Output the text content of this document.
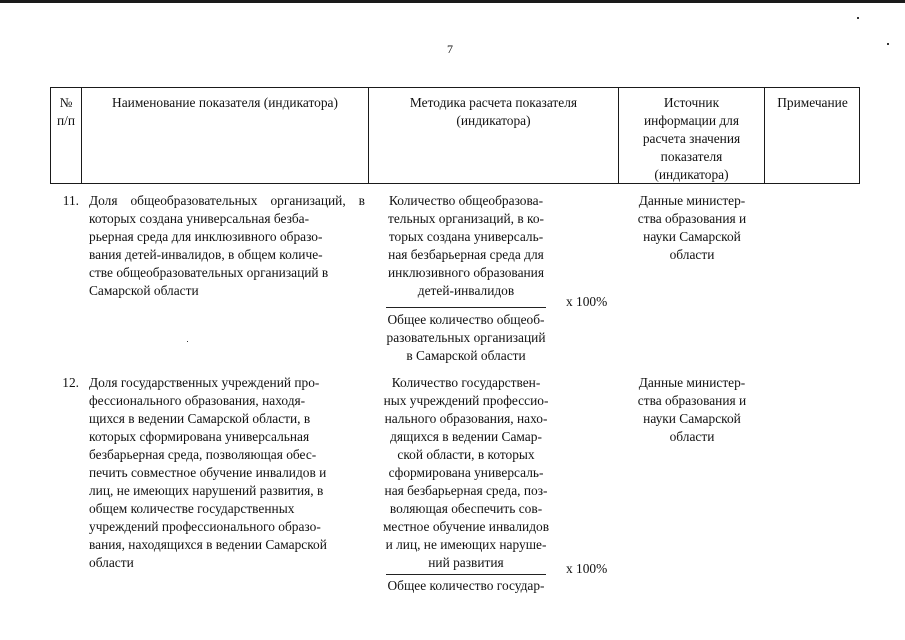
7
№
п/п
Наименование показателя (индикатора)	Методика расчета показателя
(индикатора)
Источник
информации для
расчета значения
показателя
(индикатора)
Примечание
11. Доля общеобразовательных организаций, в которых создана универсальная безба-
рьерная среда для инклюзивного образо-
вания детей-инвалидов, в общем количе-
стве общеобразовательных организаций в
Самарской области
Количество общеобразова-
тельных организаций, в ко-
торых создана универсаль-
ная безбарьерная среда для
инклюзивного образования
детей-инвалидов
х 100%
Общее количество общеоб-
разовательных организаций
в Самарской области
Данные министер-
ства образования и
науки Самарской
области
12. Доля государственных учреждений про-
фессионального образования, находя-
щихся в ведении Самарской области, в
которых сформирована универсальная
безбарьерная среда, позволяющая обес-
печить совместное обучение инвалидов и
лиц, не имеющих нарушений развития, в
общем количестве государственных
учреждений профессионального образо-
вания, находящихся в ведении Самарской
области
Количество государствен-
ных учреждений профессио-
нального образования, нахо-
дящихся в ведении Самар-
ской области, в которых
сформирована универсаль-
ная безбарьерная среда, поз-
воляющая обеспечить сов-
местное обучение инвалидов
и лиц, не имеющих наруше-
ний развития	х 100%
Общее количество государ-
Данные министер-
ства образования и
науки Самарской
области
